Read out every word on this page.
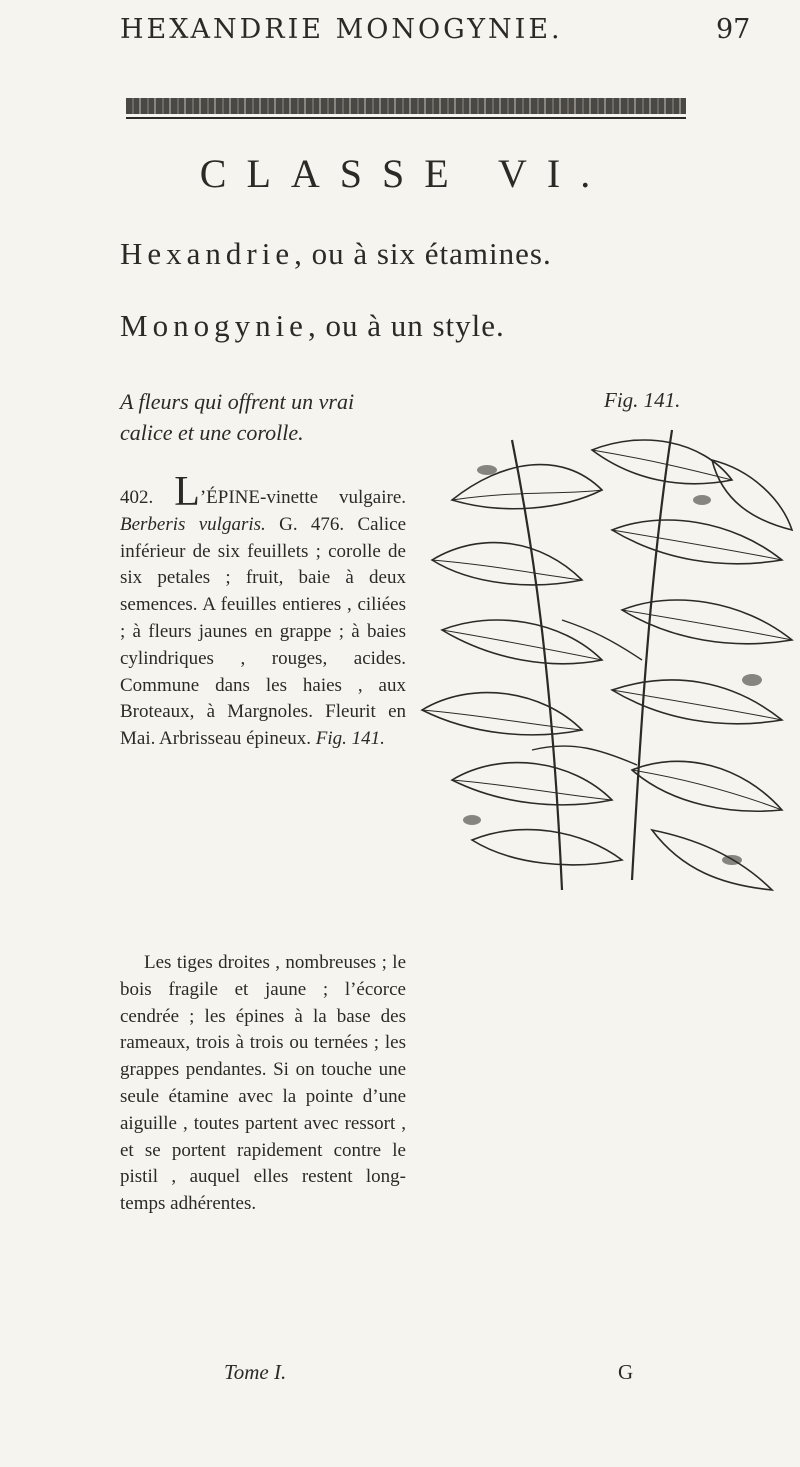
HEXANDRIE MONOGYNIE.	97
CLASSE VI.
Hexandrie, ou à six étamines.
Monogynie, ou à un style.
A fleurs qui offrent un vrai calice et une corolle.
402. L’ÉPINE-vinette vulgaire. Berberis vulgaris. G. 476. Calice inférieur de six feuillets ; corolle de six petales ; fruit, baie à deux semences. A feuilles entieres , ciliées ; à fleurs jaunes en grappe ; à baies cylindriques , rouges, acides. Commune dans les haies , aux Broteaux, à Margnoles. Fleurit en Mai. Arbrisseau épineux. Fig. 141.
Les tiges droites , nombreuses ; le bois fragile et jaune ; l’écorce cendrée ; les épines à la base des rameaux, trois à trois ou ternées ; les grappes pendantes. Si on touche une seule étamine avec la pointe d’une aiguille , toutes partent avec ressort , et se portent rapidement contre le pistil , auquel elles restent long-temps adhérentes.
Fig. 141.
Tome I.	G
